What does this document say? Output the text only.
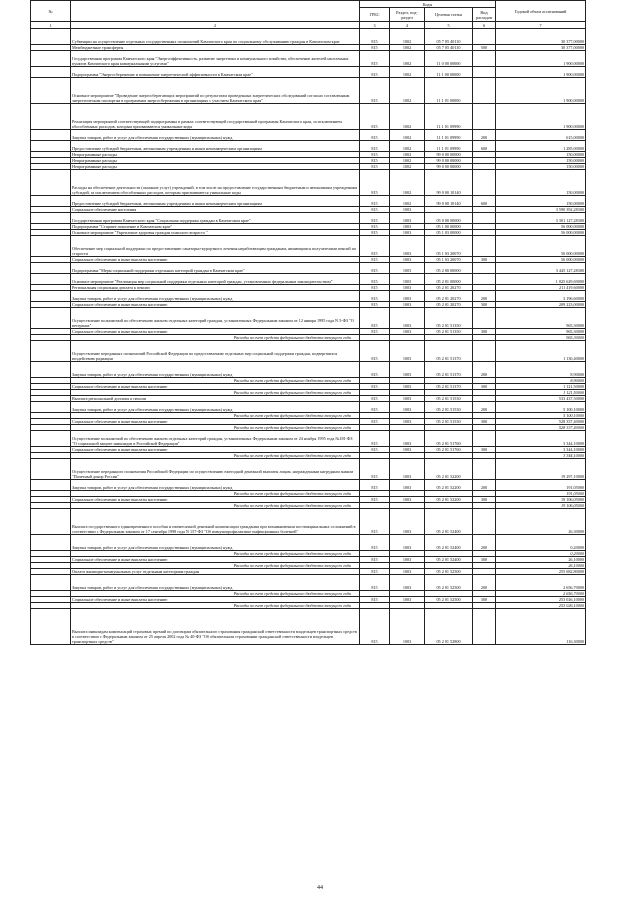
№		Коды				Годовой объем ассигнований
		ГРБС	Раздел, под-раздел	Целевая статья	Вид расходов	
1	2	3	4	5	6	7
	Субвенции на осуществление отдельных государственных полномочий Камчатского края по социальному обслуживанию граждан в Камчатском крае	815	1002	05 7 05 40110		30 377,00000
	Межбюджетные трансферты	815	1002	05 7 05 40110	500	30 377,00000
	Государственная программа Камчатского края "Энергоэффективность, развитие энергетики и коммунального хозяйства, обеспечение жителей населенных пунктов Камчатского края коммунальными услугами"	815	1002	11 0 00 00000		1 900,00000
	Подпрограмма "Энергосбережение и повышение энергетической эффективности в Камчатском крае"	815	1002	11 1 00 00000		1 900,00000
	Основное мероприятие "Проведение энергосберегающих мероприятий по результатам проведенных энергетических обследований согласно составленным энергетическим паспортам в программам энергосбережения в организациях с участием Камчатского края"	815	1002	11 1 01 00000		1 900,00000
	Реализация мероприятий соответствующей подпрограммы в рамках соответствующей государственной программы Камчатского края, за исключением обособленных расходов, которым присваиваются уникальные коды	815	1002	11 1 01 09990		1 900,00000
	Закупка товаров, работ и услуг для обеспечения государственных (муниципальных) нужд	815	1002	11 1 01 09990	200	615,00000
	Предоставление субсидий бюджетным, автономным учреждениям и иным некоммерческим организациям	815	1002	11 1 01 09990	600	1 285,00000
	Непрограммные расходы	815	1002	99 0 00 00000		150,00000
	Непрограммные расходы	815	1002	99 0 00 00000		150,00000
	Непрограммные расходы	815	1002	99 0 00 00000		150,00000
	Расходы на обеспечение деятельности (оказание услуг) учреждений, в том числе на предоставление государственным бюджетным и автономным учреждениям субсидий, за исключением обособленных расходов, которым присваиваются уникальные коды	815	1002	99 0 00 10140		150,00000
	Предоставление субсидий бюджетным, автономным учреждениям и иным некоммерческим организациям	815	1002	99 0 00 10140	600	150,00000
	Социальное обеспечение населения	815	1003			3 590 392,28300
	Государственная программа Камчатского края "Социальная поддержка граждан в Камчатском крае"	815	1003	05 0 00 00000		3 301 127,28300
	Подпрограмма "Старшее поколение в Камчатском крае"	815	1003	05 1 00 00000		56 000,00000
	Основное мероприятие "Укрепление здоровья граждан пожилого возраста "	815	1003	05 1 03 00000		56 000,00000
	Обеспечение мер социальной поддержки по предоставлению санаторно-курортного лечения неработающим гражданам, являющимся получателями пенсий по старости	815	1003	05 1 03 20070		56 000,00000
	Социальное обеспечение и иные выплаты населению	815	1003	05 1 03 20070	300	56 000,00000
	Подпрограмма "Меры социальной поддержки отдельных категорий граждан в Камчатском крае"	815	1003	05 2 00 00000		3 445 127,28300
	Основное мероприятие "Реализация мер социальной поддержки отдельных категорий граждан, установленных федеральным законодательством"	815	1003	05 2 01 00000		1 025 629,69000
	Региональная социальная доплата к пенсии	815	1003	05 2 01 20270		211 419,60000
	Закупка товаров, работ и услуг для обеспечения государственных (муниципальных) нужд	815	1003	05 2 01 20270	200	3 196,60000
	Социальное обеспечение и иные выплаты населению	815	1003	05 2 01 20270	300	209 223,00000
	Осуществление полномочий по обеспечению жильем отдельных категорий граждан, установленных Федеральным законом от 12 января 1995 года N 5-ФЗ "О ветеранах"	815	1003	05 2 01 51350		965,30000
	Социальное обеспечение и иные выплаты населению	815	1003	05 2 01 51350	300	965,30000
	Расходы за счет средств федерального бюджета текущего года					965,30000
	Осуществление переданных полномочий Российской Федерации по предоставлению отдельных мер социальной поддержки граждан, подвергшихся воздействию радиации	815	1003	05 2 01 51370		1 130,40000
	Закупка товаров, работ и услуг для обеспечения государственных (муниципальных) нужд	815	1003	05 2 01 51370	200	8,90000
	Расходы за счет средств федерального бюджета текущего года					8,90000
	Социальное обеспечение и иные выплаты населению	815	1003	05 2 01 51370	300	1 121,50000
	Расходы за счет средств федерального бюджета текущего года					1 121,50000
	Выплата региональной доплаты к пенсии	815	1003	05 2 01 51530		533 437,50000
	Закупка товаров, работ и услуг для обеспечения государственных (муниципальных) нужд	815	1003	05 2 01 51530	200	5 100,10000
	Расходы за счет средств федерального бюджета текущего года					5 100,10000
	Социальное обеспечение и иные выплаты населению	815	1003	05 2 01 51530	300	528 337,40000
	Расходы за счет средств федерального бюджета текущего года					528 337,40000
	Осуществление полномочий по обеспечению жильем отдельных категорий граждан, установленных Федеральным законом от 24 ноября 1995 года №181-ФЗ "О социальной защите инвалидов в Российской Федерации"	815	1003	05 2 01 51760		3 344,10000
	Социальное обеспечение и иные выплаты населению	815	1003	05 2 01 51760	300	3 344,10000
	Расходы за счет средств федерального бюджета текущего года					3 344,10000
	Осуществление переданного полномочия Российской Федерации по осуществлению ежегодной денежной выплаты лицам, награжденным нагрудным знаком "Почетный донор России"	815	1003	05 2 01 52200		19 297,10000
	Закупка товаров, работ и услуг для обеспечения государственных (муниципальных) нужд	815	1003	05 2 01 52200	200	191,05000
	Расходы за счет средств федерального бюджета текущего года					191,05000
	Социальное обеспечение и иные выплаты населению	815	1003	05 2 01 52200	300	19 106,05000
	Расходы за счет средств федерального бюджета текущего года					19 106,05000
	Выплата государственного единовременного пособия и ежемесячной денежной компенсации гражданам при возникновении поствакцинальных осложнений в соответствии с Федеральным законом от 17 сентября 1998 года N 157-ФЗ "Об иммунопрофилактике инфекционных болезней"	815	1003	05 2 01 52400		26,30000
	Закупка товаров, работ и услуг для обеспечения государственных (муниципальных) нужд	815	1003	05 2 01 52400	200	0,20000
	Расходы за счет средств федерального бюджета текущего года					0,20000
	Социальное обеспечение и иные выплаты населению	815	1003	05 2 01 52400	300	26,10000
	Расходы за счет средств федерального бюджета текущего года					26,10000
	Оплата жилищно-коммунальных услуг отдельным категориям граждан	815	1003	05 2 01 52500		255 682,80000
	Закупка товаров, работ и услуг для обеспечения государственных (муниципальных) нужд	815	1003	05 2 01 52500	200	2 656,70000
	Расходы за счет средств федерального бюджета текущего года					2 656,70000
	Социальное обеспечение и иные выплаты населению	815	1003	05 2 01 52500	300	253 026,10000
	Расходы за счет средств федерального бюджета текущего года					253 026,10000
	Выплата инвалидам компенсаций страховых премий по договорам обязательного страхования гражданской ответственности владельцев транспортных средств в соответствии с Федеральным законом от 25 апреля 2002 года № 40-ФЗ "Об обязательном страховании гражданской ответственности владельцев транспортных средств"	815	1003	05 2 01 52800		116,30000
44
